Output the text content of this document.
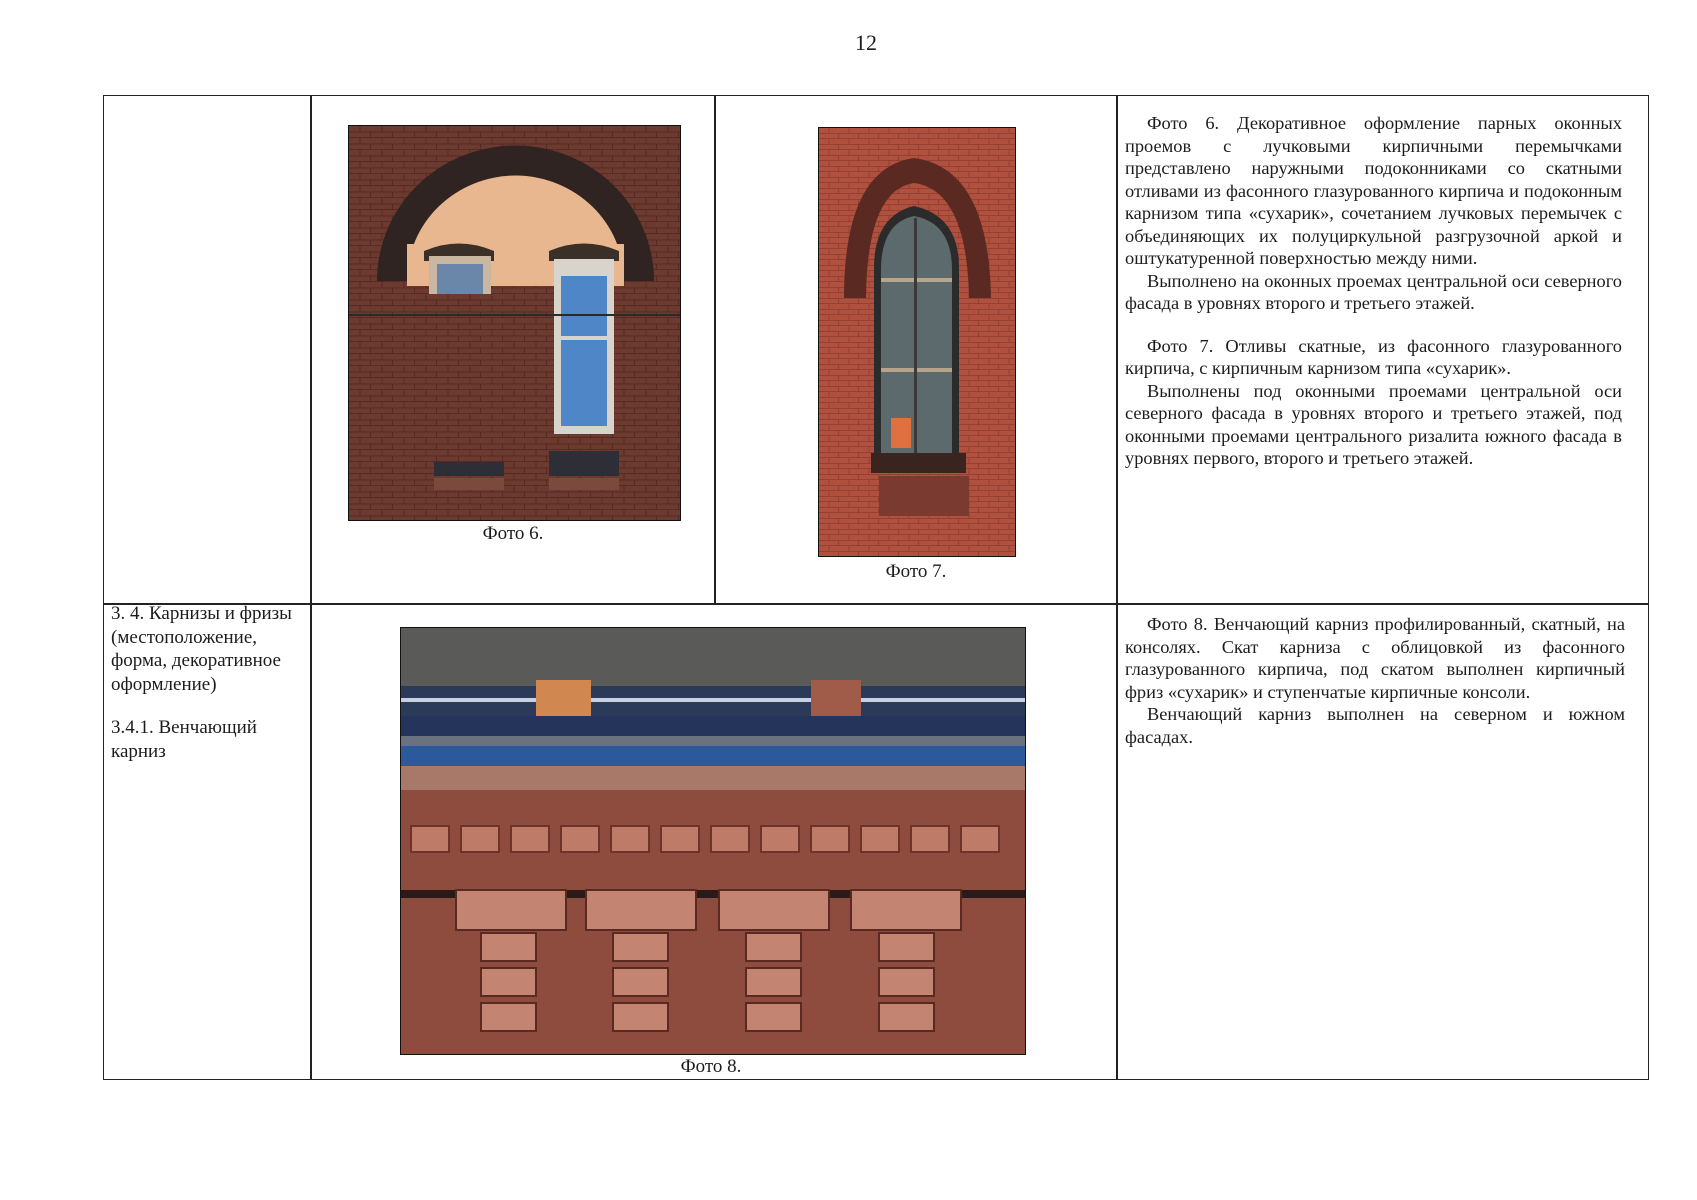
12
Фото 6.
Фото 7.

Фото 6. Декоративное оформление парных оконных проемов с лучковыми кирпичными перемычками представлено наружными подоконниками со скатными отливами из фасонного глазурованного кирпича и подоконным карнизом типа «сухарик», сочетанием лучковых перемычек с объединяющих их полуциркульной разгрузочной аркой и оштукатуренной поверхностью между ними.

Выполнено на оконных проемах центральной оси северного фасада в уровнях второго и третьего этажей.

Фото 7. Отливы скатные, из фасонного глазурованного кирпича, с кирпичным карнизом типа «сухарик».

Выполнены под оконными проемами центральной оси северного фасада в уровнях второго и третьего этажей, под оконными проемами центрального ризалита южного фасада в уровнях первого, второго и третьего этажей.

3. 4. Карнизы и фризы (местоположение, форма, декоративное оформление)

3.4.1. Венчающий карниз

Фото 8.

Фото 8. Венчающий карниз профилированный, скатный, на консолях. Скат карниза с облицовкой из фасонного глазурованного кирпича, под скатом выполнен кирпичный фриз «сухарик» и ступенчатые кирпичные консоли.

Венчающий карниз выполнен на северном и южном фасадах.
